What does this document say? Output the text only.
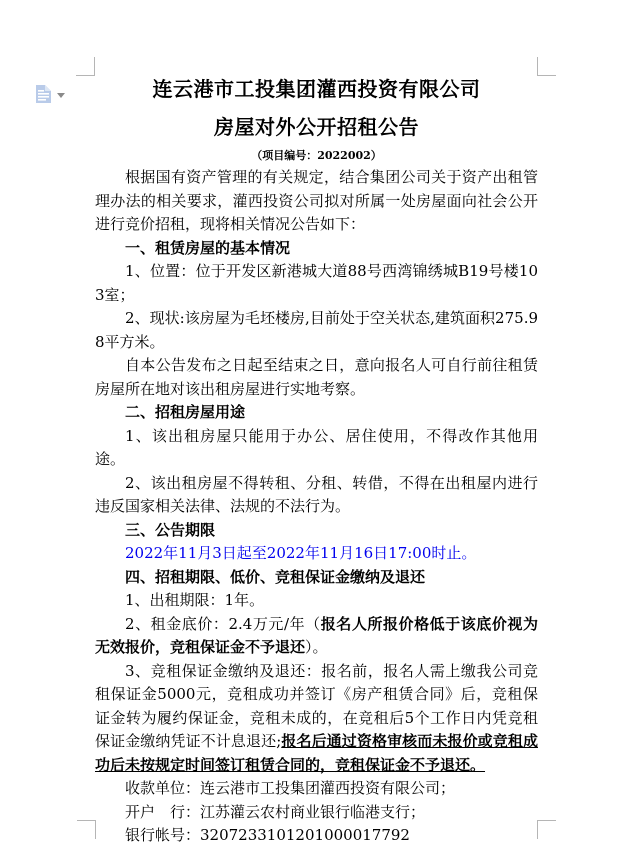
连云港市工投集团灌西投资有限公司
房屋对外公开招租公告
（项目编号：2022002）

根据国有资产管理的有关规定，结合集团公司关于资产出租管理办法的相关要求，灌西投资公司拟对所属一处房屋面向社会公开进行竞价招租，现将相关情况公告如下：

一、租赁房屋的基本情况

1、位置：位于开发区新港城大道88号西湾锦绣城B19号楼103室；

2、现状:该房屋为毛坯楼房,目前处于空关状态,建筑面积275.98平方米。

自本公告发布之日起至结束之日，意向报名人可自行前往租赁房屋所在地对该出租房屋进行实地考察。

二、招租房屋用途

1、该出租房屋只能用于办公、居住使用，不得改作其他用途。

2、该出租房屋不得转租、分租、转借，不得在出租屋内进行违反国家相关法律、法规的不法行为。

三、公告期限

2022年11月3日起至2022年11月16日17:00时止。

四、招租期限、低价、竞租保证金缴纳及退还

1、出租期限：1年。

2、租金底价：2.4万元/年（报名人所报价格低于该底价视为无效报价，竞租保证金不予退还）。

3、竞租保证金缴纳及退还：报名前，报名人需上缴我公司竞租保证金5000元，竞租成功并签订《房产租赁合同》后，竞租保证金转为履约保证金，竞租未成的，在竞租后5个工作日内凭竞租保证金缴纳凭证不计息退还;报名后通过资格审核而未报价或竞租成功后未按规定时间签订租赁合同的，竞租保证金不予退还。

收款单位：连云港市工投集团灌西投资有限公司；

开户　行：江苏灌云农村商业银行临港支行；

银行帐号：3207233101201000017792
